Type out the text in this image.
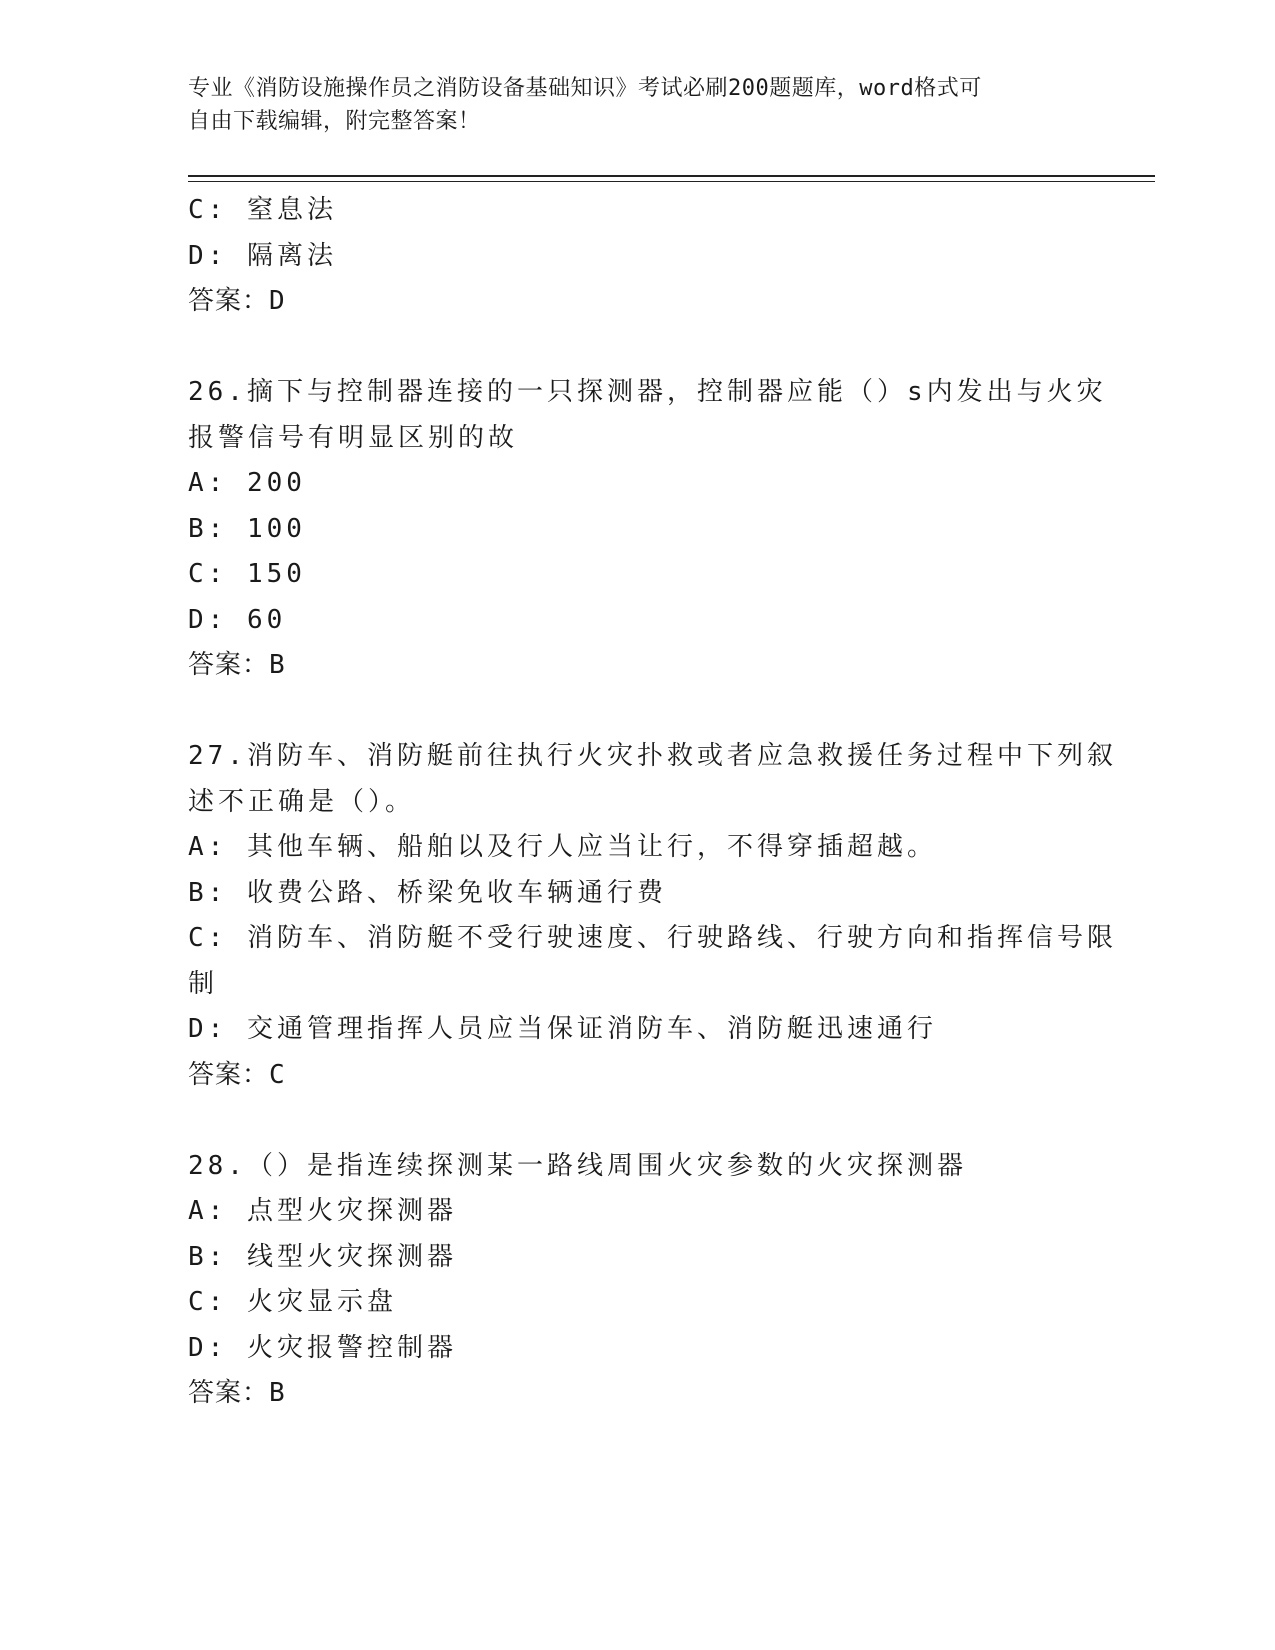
专业《消防设施操作员之消防设备基础知识》考试必刷200题题库，word格式可
自由下载编辑，附完整答案！
C: 窒息法
D: 隔离法
答案：D
26.摘下与控制器连接的一只探测器，控制器应能（）s内发出与火灾
报警信号有明显区别的故
A: 200
B: 100
C: 150
D: 60
答案：B
27.消防车、消防艇前往执行火灾扑救或者应急救援任务过程中下列叙
述不正确是（）。
A: 其他车辆、船舶以及行人应当让行，不得穿插超越。
B: 收费公路、桥梁免收车辆通行费
C: 消防车、消防艇不受行驶速度、行驶路线、行驶方向和指挥信号限
制
D: 交通管理指挥人员应当保证消防车、消防艇迅速通行
答案：C
28.（）是指连续探测某一路线周围火灾参数的火灾探测器
A: 点型火灾探测器
B: 线型火灾探测器
C: 火灾显示盘
D: 火灾报警控制器
答案：B
